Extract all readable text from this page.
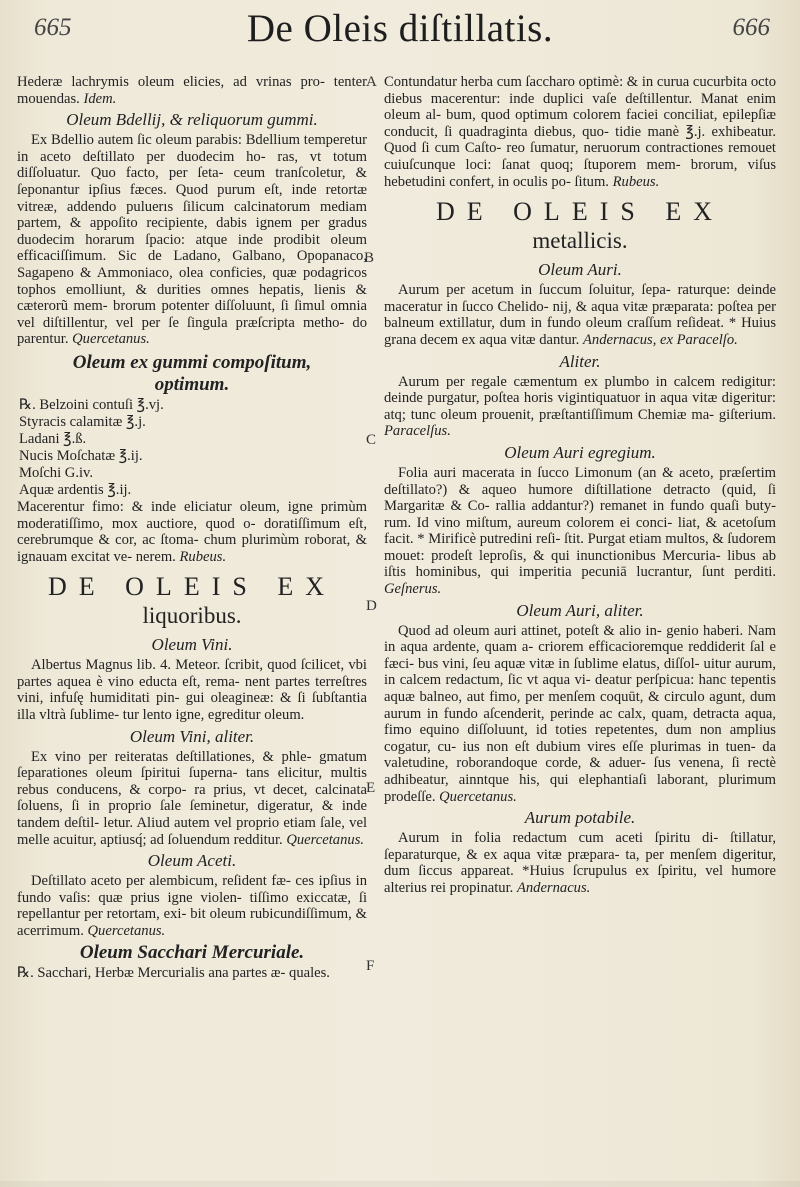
665	De Oleis diſtillatis.	666
A
B
C
D
E
F

Hederæ lachrymis oleum elicies, ad vrinas pro- tenter mouendas. Idem.

Oleum Bdellij, & reliquorum gummi.

Ex Bdellio autem ſic oleum parabis: Bdellium temperetur in aceto deſtillato per duodecim ho- ras, vt totum diſſoluatur. Quo facto, per ſeta- ceum tranſcoletur, & ſeponantur ipſius fæces. Quod purum eſt, inde retortæ vitreæ, addendo puluerıs ſilicum calcinatorum mediam partem, & appoſito recipiente, dabis ignem per gradus duodecim horarum ſpacio: atque inde prodibit oleum efficaciſſimum. Sic de Ladano, Galbano, Opopanaco, Sagapeno & Ammoniaco, olea conficies, quæ podagricos tophos emolliunt, & durities omnes hepatis, lienis & cæterorũ mem- brorum potenter diſſoluunt, ſi ſimul omnia vel diſtillentur, vel per ſe ſingula præſcripta metho- do parentur. Quercetanus.

Oleum ex gummi compoſitum,
optimum.
℞. Belzoini contuſi ℥.vj.
Styracis calamitæ ℥.j.
Ladani ℥.ß.
Nucis Moſchatæ ℥.ij.
Moſchi G.iv.
Aquæ ardentis ℥.ij.

Macerentur fimo: & inde eliciatur oleum, igne primùm moderatiſſimo, mox auctiore, quod o- doratiſſimum eſt, cerebrumque & cor, ac ſtoma- chum plurimùm roborat, & ignauam excitat ve- nerem. Rubeus.

DE OLEIS EX
liquoribus.
Oleum Vini.

Albertus Magnus lib. 4. Meteor. ſcribit, quod ſcilicet, vbi partes aquea è vino educta eſt, rema- nent partes terreſtres vini, infuſę humiditati pin- gui oleagineæ: & ſi ſubſtantia illa vltrà ſublime- tur lento igne, egreditur oleum.

Oleum Vini, aliter.

Ex vino per reiteratas deſtillationes, & phle- gmatum ſeparationes oleum ſpiritui ſuperna- tans elicitur, multis rebus conducens, & corpo- ra prius, vt decet, calcinata ſoluens, ſi in proprio ſale ſeminetur, digeratur, & inde tandem deſtil- letur. Aliud autem vel proprio etiam ſale, vel melle acuitur, aptiusq́; ad ſoluendum redditur. Quercetanus.

Oleum Aceti.

Deſtillato aceto per alembicum, reſident fæ- ces ipſius in fundo vaſis: quæ prius igne violen- tiſſimo exiccatæ, ſi repellantur per retortam, exi- bit oleum rubicundiſſimum, & acerrimum. Quercetanus.

Oleum Sacchari Mercuriale.

℞. Sacchari, Herbæ Mercurialis ana partes æ- quales.

Contundatur herba cum ſaccharo optimè: & in curua cucurbita octo diebus macerentur: inde duplici vaſe deſtillentur. Manat enim oleum al- bum, quod optimum colorem faciei conciliat, epilepſiæ conducit, ſi quadraginta diebus, quo- tidie manè ℥.j. exhibeatur. Quod ſi cum Caſto- reo ſumatur, neruorum contractiones remouet cuiuſcunque loci: ſanat quoq; ſtuporem mem- brorum, viſus hebetudini confert, in oculis po- ſitum. Rubeus.

DE OLEIS EX
metallicis.
Oleum Auri.

Aurum per acetum in ſuccum ſoluitur, ſepa- raturque: deinde maceratur in ſucco Chelido- nij, & aqua vitæ præparata: poſtea per balneum extillatur, dum in fundo oleum craſſum reſideat. * Huius grana decem ex aqua vitæ dantur. Andernacus, ex Paracelſo.

Aliter.

Aurum per regale cæmentum ex plumbo in calcem redigitur: deinde purgatur, poſtea horis vigintiquatuor in aqua vitæ digeritur: atq; tunc oleum prouenit, præſtantiſſimum Chemiæ ma- giſterium. Paracelſus.

Oleum Auri egregium.

Folia auri macerata in ſucco Limonum (an & aceto, præſertim deſtillato?) & aqueo humore diſtillatione detracto (quid, ſi Margaritæ & Co- rallia addantur?) remanet in fundo quaſi buty- rum. Id vino miſtum, aureum colorem ei conci- liat, & acetoſum facit. * Mirificè putredini reſi- ſtit. Purgat etiam multos, & ſudorem mouet: prodeſt leproſis, & qui inunctionibus Mercuria- libus ab iſtis hominibus, qui imperitia pecuniā lucrantur, ſunt perditi. Geſnerus.

Oleum Auri, aliter.

Quod ad oleum auri attinet, poteſt & alio in- genio haberi. Nam in aqua ardente, quam a- criorem efficacioremque reddiderit ſal e fæci- bus vini, ſeu aquæ vitæ in ſublime elatus, diſſol- uitur aurum, in calcem redactum, ſic vt aqua vi- deatur perſpicua: hanc tepentis aquæ balneo, aut fimo, per menſem coquūt, & circulo agunt, dum aurum in fundo aſcenderit, perinde ac calx, quam, detracta aqua, fimo equino diſſoluunt, id toties repetentes, dum non amplius cogatur, cu- ius non eſt dubium vires eſſe plurimas in tuen- da valetudine, roborandoque corde, & aduer- ſus venena, ſi rectè adhibeatur, ainntque his, qui elephantiaſi laborant, plurimum prodeſſe. Quercetanus.

Aurum potabile.

Aurum in folia redactum cum aceti ſpiritu di- ſtillatur, ſeparaturque, & ex aqua vitæ præpara- ta, per menſem digeritur, dum ſiccus appareat. *Huius ſcrupulus ex ſpiritu, vel humore alterius rei propinatur. Andernacus.
